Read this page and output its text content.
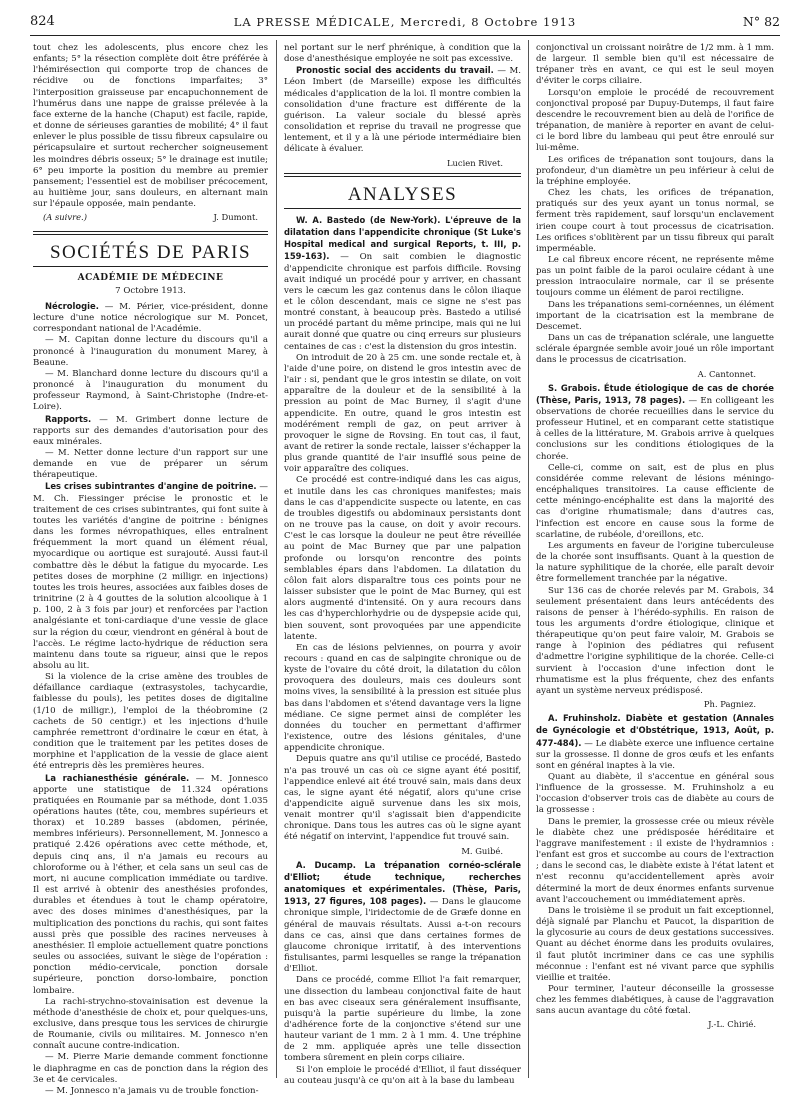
824	LA PRESSE MÉDICALE, Mercredi, 8 Octobre 1913	N° 82

tout chez les adolescents, plus encore chez les enfants; 5° la résection complète doit être préférée à l'hémirésection qui comporte trop de chances de récidive ou de fonctions imparfaites; 3° l'interposition graisseuse par encapuchonnement de l'humérus dans une nappe de graisse prélevée à la face externe de la hanche (Chaput) est facile, rapide, et donne de sérieuses garanties de mobilité; 4° il faut enlever le plus possible de tissu fibreux capsulaire ou péricapsulaire et surtout rechercher soigneusement les moindres débris osseux; 5° le drainage est inutile; 6° peu importe la position du membre au premier pansement; l'essentiel est de mobiliser précocement, au huitième jour, sans douleurs, en alternant main sur l'épaule opposée, main pendante.

(A suivre.)	J. Dumont.
SOCIÉTÉS DE PARIS
ACADÉMIE DE MÉDECINE
7 Octobre 1913.

Nécrologie. — M. Périer, vice-président, donne lecture d'une notice nécrologique sur M. Poncet, correspondant national de l'Académie.

— M. Capitan donne lecture du discours qu'il a prononcé à l'inauguration du monument Marey, à Beaune.

— M. Blanchard donne lecture du discours qu'il a prononcé à l'inauguration du monument du professeur Raymond, à Saint-Christophe (Indre-et-Loire).

Rapports. — M. Grimbert donne lecture de rapports sur des demandes d'autorisation pour des eaux minérales.

— M. Netter donne lecture d'un rapport sur une demande en vue de préparer un sérum thérapeutique.

Les crises subintrantes d'angine de poitrine. — M. Ch. Fiessinger précise le pronostic et le traitement de ces crises subintrantes, qui font suite à toutes les variétés d'angine de poitrine : bénignes dans les formes névropathiques, elles entraînent fréquemment la mort quand un élément réual, myocardique ou aortique est surajouté. Aussi faut-il combattre dès le début la fatigue du myocarde. Les petites doses de morphine (2 milligr. en injections) toutes les trois heures, associées aux faibles doses de trinitrine (2 à 4 gouttes de la solution alcoolique à 1 p. 100, 2 à 3 fois par jour) et renforcées par l'action analgésiante et toni-cardiaque d'une vessie de glace sur la région du cœur, viendront en général à bout de l'accès. Le régime lacto-hydrique de réduction sera maintenu dans toute sa rigueur, ainsi que le repos absolu au lit.

Si la violence de la crise amène des troubles de défaillance cardiaque (extrasystoles, tachycardie, faiblesse du pouls), les petites doses de digitaline (1/10 de milligr.), l'emploi de la théobromine (2 cachets de 50 centigr.) et les injections d'huile camphrée remettront d'ordinaire le cœur en état, à condition que le traitement par les petites doses de morphine et l'application de la vessie de glace aient été entrepris dès les premières heures.

La rachianesthésie générale. — M. Jonnesco apporte une statistique de 11.324 opérations pratiquées en Roumanie par sa méthode, dont 1.035 opérations hautes (tête, cou, membres supérieurs et thorax) et 10.289 basses (abdomen, périnée, membres inférieurs). Personnellement, M. Jonnesco a pratiqué 2.426 opérations avec cette méthode, et, depuis cinq ans, il n'a jamais eu recours au chloroforme ou à l'éther, et cela sans un seul cas de mort, ni aucune complication immédiate ou tardive. Il est arrivé à obtenir des anesthésies profondes, durables et étendues à tout le champ opératoire, avec des doses minimes d'anesthésiques, par la multiplication des ponctions du rachis, qui sont faites aussi près que possible des racines nerveuses à anesthésier. Il emploie actuellement quatre ponctions seules ou associées, suivant le siège de l'opération : ponction médio-cervicale, ponction dorsale supérieure, ponction dorso-lombaire, ponction lombaire.

La rachi-strychno-stovainisation est devenue la méthode d'anesthésie de choix et, pour quelques-uns, exclusive, dans presque tous les services de chirurgie de Roumanie, civils ou militaires. M. Jonnesco n'en connaît aucune contre-indication.

— M. Pierre Marie demande comment fonctionne le diaphragme en cas de ponction dans la région des 3e et 4e cervicales.

— M. Jonnesco n'a jamais vu de trouble fonction-

nel portant sur le nerf phrénique, à condition que la dose d'anesthésique employée ne soit pas excessive.

Pronostic social des accidents du travail. — M. Léon Imbert (de Marseille) expose les difficultés médicales d'application de la loi. Il montre combien la consolidation d'une fracture est différente de la guérison. La valeur sociale du blessé après consolidation et reprise du travail ne progresse que lentement, et il y a là une période intermédiaire bien délicate à évaluer.

Lucien Rivet.
ANALYSES

W. A. Bastedo (de New-York). L'épreuve de la dilatation dans l'appendicite chronique (St Luke's Hospital medical and surgical Reports, t. III, p. 159-163). — On sait combien le diagnostic d'appendicite chronique est parfois difficile. Rovsing avait indiqué un procédé pour y arriver, en chassant vers le cæcum les gaz contenus dans le côlon iliaque et le côlon descendant, mais ce signe ne s'est pas montré constant, à beaucoup près. Bastedo a utilisé un procédé partant du même principe, mais qui ne lui aurait donné que quatre ou cinq erreurs sur plusieurs centaines de cas : c'est la distension du gros intestin.

On introduit de 20 à 25 cm. une sonde rectale et, à l'aide d'une poire, on distend le gros intestin avec de l'air : si, pendant que le gros intestin se dilate, on voit apparaître de la douleur et de la sensibilité à la pression au point de Mac Burney, il s'agit d'une appendicite. En outre, quand le gros intestin est modérément rempli de gaz, on peut arriver à provoquer le signe de Rovsing. En tout cas, il faut, avant de retirer la sonde rectale, laisser s'échapper la plus grande quantité de l'air insufflé sous peine de voir apparaître des coliques.

Ce procédé est contre-indiqué dans les cas aigus, et inutile dans les cas chroniques manifestes; mais dans le cas d'appendicite suspecte ou latente, en cas de troubles digestifs ou abdominaux persistants dont on ne trouve pas la cause, on doit y avoir recours. C'est le cas lorsque la douleur ne peut être réveillée au point de Mac Burney que par une palpation profonde ou lorsqu'on rencontre des points semblables épars dans l'abdomen. La dilatation du côlon fait alors disparaître tous ces points pour ne laisser subsister que le point de Mac Burney, qui est alors augmenté d'intensité. On y aura recours dans les cas d'hyperchlorhydrie ou de dyspepsie acide qui, bien souvent, sont provoquées par une appendicite latente.

En cas de lésions pelviennes, on pourra y avoir recours : quand en cas de salpingite chronique ou de kyste de l'ovaire du côté droit, la dilatation du côlon provoquera des douleurs, mais ces douleurs sont moins vives, la sensibilité à la pression est située plus bas dans l'abdomen et s'étend davantage vers la ligne médiane. Ce signe permet ainsi de compléter les données du toucher en permettant d'affirmer l'existence, outre des lésions génitales, d'une appendicite chronique.

Depuis quatre ans qu'il utilise ce procédé, Bastedo n'a pas trouvé un cas où ce signe ayant été positif, l'appendice enlevé ait été trouvé sain, mais dans deux cas, le signe ayant été négatif, alors qu'une crise d'appendicite aiguë survenue dans les six mois, venait montrer qu'il s'agissait bien d'appendicite chronique. Dans tous les autres cas où le signe ayant été négatif on intervint, l'appendice fut trouvé sain.

M. Guibé.

A. Ducamp. La trépanation cornéo-sclérale d'Elliot; étude technique, recherches anatomiques et expérimentales. (Thèse, Paris, 1913, 27 figures, 108 pages). — Dans le glaucome chronique simple, l'iridectomie de de Græfe donne en général de mauvais résultats. Aussi a-t-on recours dans ce cas, ainsi que dans certaines formes de glaucome chronique irritatif, à des interventions fistulisantes, parmi lesquelles se range la trépanation d'Elliot.

Dans ce procédé, comme Elliot l'a fait remarquer, une dissection du lambeau conjonctival faite de haut en bas avec ciseaux sera généralement insuffisante, puisqu'à la partie supérieure du limbe, la zone d'adhérence forte de la conjonctive s'étend sur une hauteur variant de 1 mm. 2 à 1 mm. 4. Une tréphine de 2 mm. appliquée après une telle dissection tombera sûrement en plein corps ciliaire.

Si l'on emploie le procédé d'Elliot, il faut disséquer au couteau jusqu'à ce qu'on ait à la base du lambeau

conjonctival un croissant noirâtre de 1/2 mm. à 1 mm. de largeur. Il semble bien qu'il est nécessaire de trépaner très en avant, ce qui est le seul moyen d'éviter le corps ciliaire.

Lorsqu'on emploie le procédé de recouvrement conjonctival proposé par Dupuy-Dutemps, il faut faire descendre le recouvrement bien au delà de l'orifice de trépanation, de manière à reporter en avant de celui-ci le bord libre du lambeau qui peut être enroulé sur lui-même.

Les orifices de trépanation sont toujours, dans la profondeur, d'un diamètre un peu inférieur à celui de la tréphine employée.

Chez les chats, les orifices de trépanation, pratiqués sur des yeux ayant un tonus normal, se ferment très rapidement, sauf lorsqu'un enclavement irien coupe court à tout processus de cicatrisation. Les orifices s'oblitèrent par un tissu fibreux qui paraît imperméable.

Le cal fibreux encore récent, ne représente même pas un point faible de la paroi oculaire cédant à une pression intraoculaire normale, car il se présente toujours comme un élément de paroi rectiligne.

Dans les trépanations semi-cornéennes, un élément important de la cicatrisation est la membrane de Descemet.

Dans un cas de trépanation sclérale, une languette sclérale épargnée semble avoir joué un rôle important dans le processus de cicatrisation.

A. Cantonnet.

S. Grabois. Étude étiologique de cas de chorée (Thèse, Paris, 1913, 78 pages). — En colligeant les observations de chorée recueillies dans le service du professeur Hutinel, et en comparant cette statistique à celles de la littérature, M. Grabois arrive à quelques conclusions sur les conditions étiologiques de la chorée.

Celle-ci, comme on sait, est de plus en plus considérée comme relevant de lésions méningo-encéphaliques transitoires. La cause efficiente de cette méningo-encéphalite est dans la majorité des cas d'origine rhumatismale; dans d'autres cas, l'infection est encore en cause sous la forme de scarlatine, de rubéole, d'oreillons, etc.

Les arguments en faveur de l'origine tuberculeuse de la chorée sont insuffisants. Quant à la question de la nature syphilitique de la chorée, elle paraît devoir être formellement tranchée par la négative.

Sur 136 cas de chorée relevés par M. Grabois, 34 seulement présentaient dans leurs antécédents des raisons de penser à l'hérédo-syphilis. En raison de tous les arguments d'ordre étiologique, clinique et thérapeutique qu'on peut faire valoir, M. Grabois se range à l'opinion des pédiatres qui refusent d'admettre l'origine syphilitique de la chorée. Celle-ci survient à l'occasion d'une infection dont le rhumatisme est la plus fréquente, chez des enfants ayant un système nerveux prédisposé.

Ph. Pagniez.

A. Fruhinsholz. Diabète et gestation (Annales de Gynécologie et d'Obstétrique, 1913, Août, p. 477-484). — Le diabète exerce une influence certaine sur la grossesse. Il donne de gros œufs et les enfants sont en général inaptes à la vie.

Quant au diabète, il s'accentue en général sous l'influence de la grossesse. M. Fruhinsholz a eu l'occasion d'observer trois cas de diabète au cours de la grossesse :

Dans le premier, la grossesse crée ou mieux révèle le diabète chez une prédisposée héréditaire et l'aggrave manifestement : il existe de l'hydramnios : l'enfant est gros et succombe au cours de l'extraction ; dans le second cas, le diabète existe à l'état latent et n'est reconnu qu'accidentellement après avoir déterminé la mort de deux énormes enfants survenue avant l'accouchement ou immédiatement après.

Dans le troisième il se produit un fait exceptionnel, déjà signalé par Planchu et Paucot, la disparition de la glycosurie au cours de deux gestations successives. Quant au déchet énorme dans les produits ovulaires, il faut plutôt incriminer dans ce cas une syphilis méconnue : l'enfant est né vivant parce que syphilis vieillie et traitée.

Pour terminer, l'auteur déconseille la grossesse chez les femmes diabétiques, à cause de l'aggravation sans aucun avantage du côté fœtal.

J.-L. Chirié.
